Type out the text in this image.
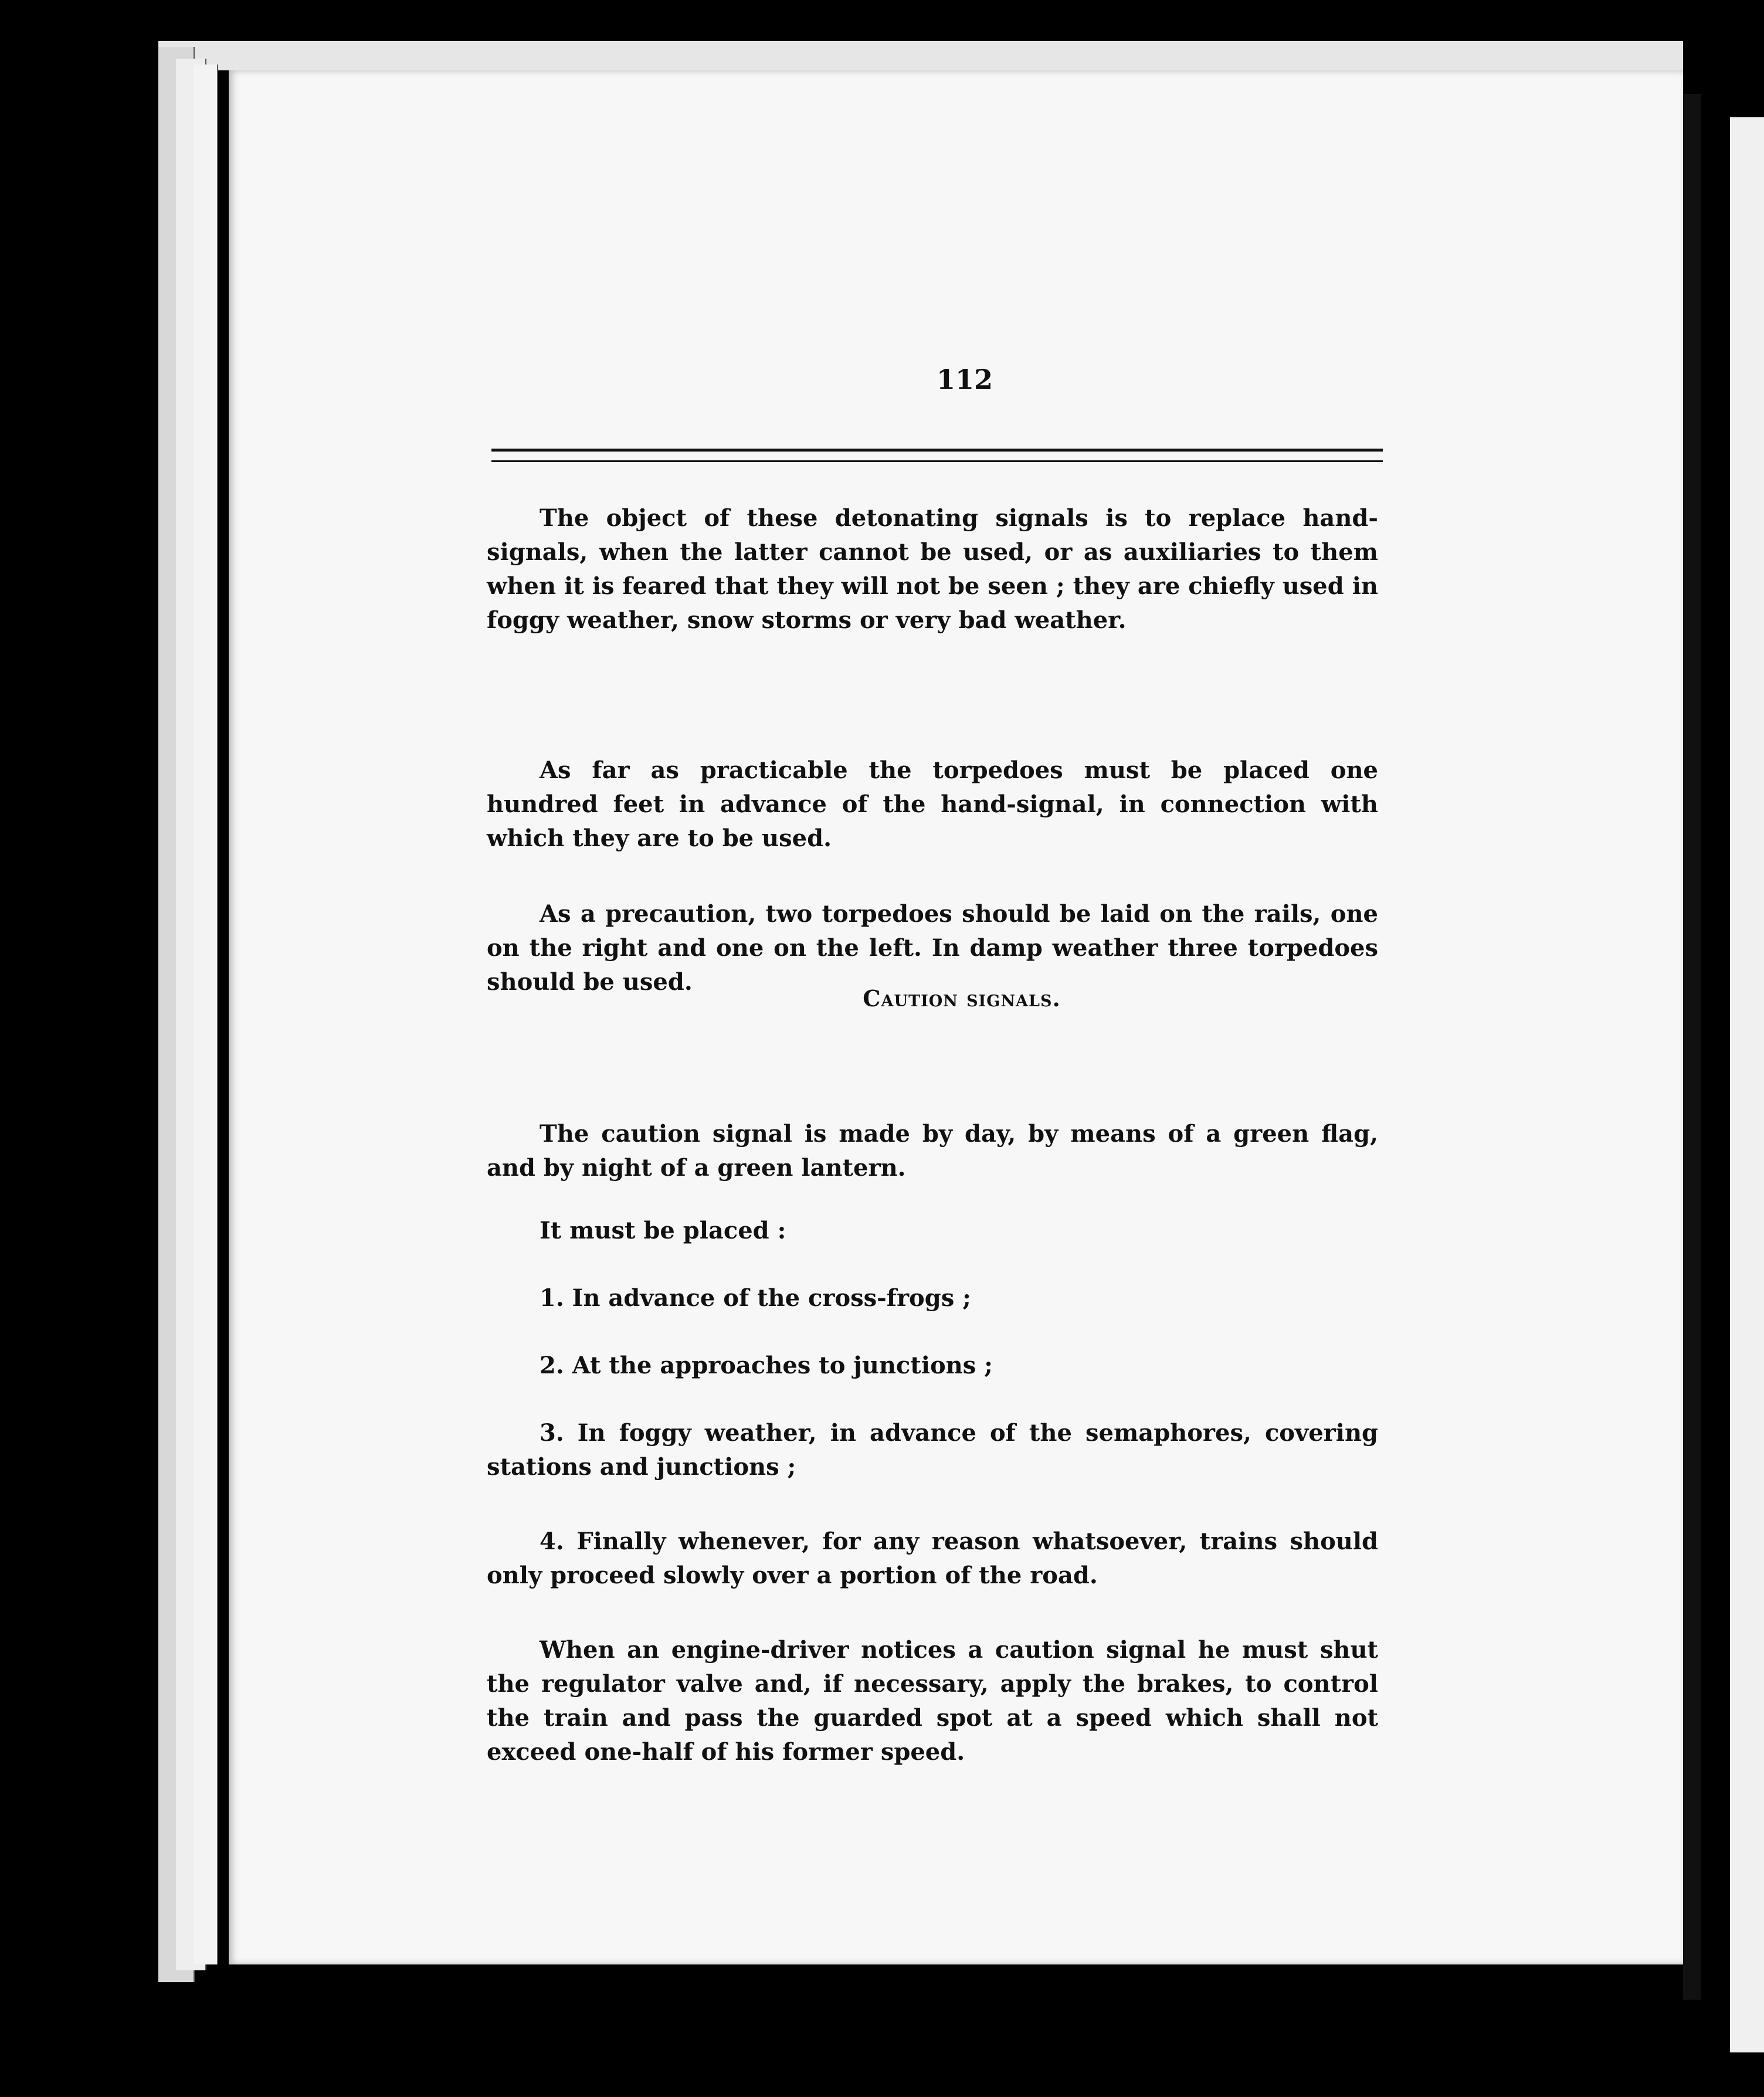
112

The object of these detonating signals is to replace hand-signals, when the latter cannot be used, or as auxiliaries to them when it is feared that they will not be seen ; they are chiefly used in foggy weather, snow storms or very bad weather.

As far as practicable the torpedoes must be placed one hundred feet in advance of the hand-signal, in connection with which they are to be used.

As a precaution, two torpedoes should be laid on the rails, one on the right and one on the left. In damp weather three torpedoes should be used.

Caution signals.

The caution signal is made by day, by means of a green flag, and by night of a green lantern.

It must be placed :

1. In advance of the cross-frogs ;

2. At the approaches to junctions ;

3. In foggy weather, in advance of the semaphores, covering stations and junctions ;

4. Finally whenever, for any reason whatsoever, trains should only proceed slowly over a portion of the road.

When an engine-driver notices a caution signal he must shut the regulator valve and, if necessary, apply the brakes, to control the train and pass the guarded spot at a speed which shall not exceed one-half of his former speed.
